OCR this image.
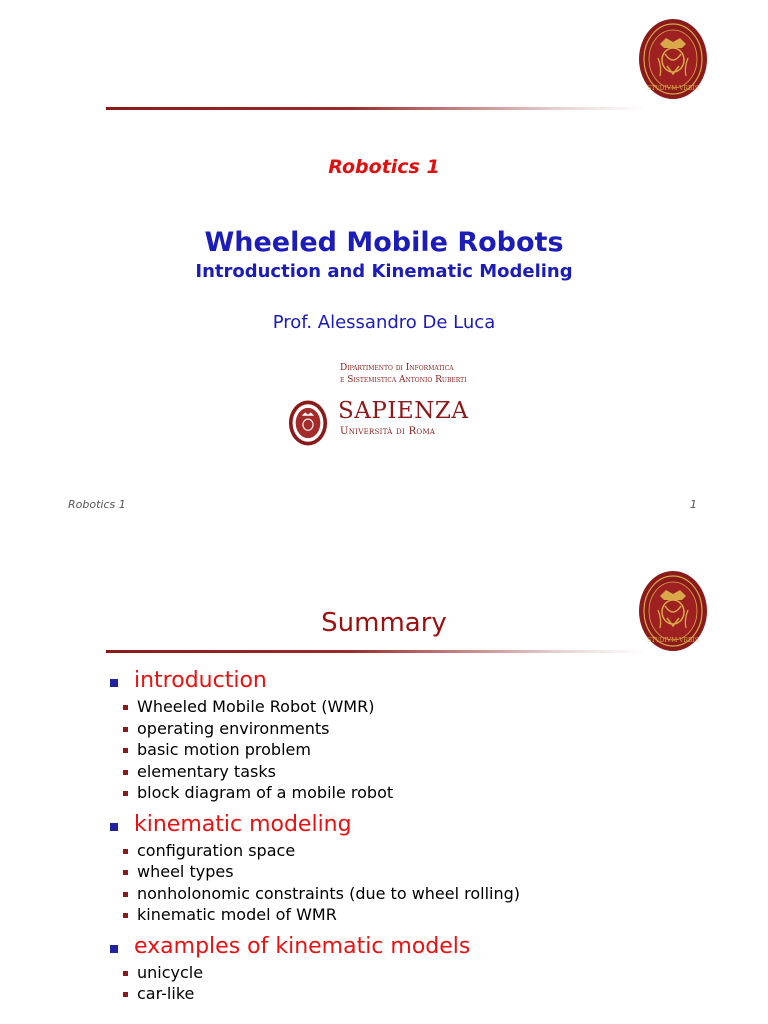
STVDIVM VRBIS
Robotics 1
Wheeled Mobile Robots
Introduction and Kinematic Modeling
Prof. Alessandro De Luca
Dipartimento di Informatica
e Sistemistica Antonio Ruberti
SAPIENZA
Università di Roma
Robotics 1	1
STVDIVM VRBIS
Summary
introduction
Wheeled Mobile Robot (WMR)
operating environments
basic motion problem
elementary tasks
block diagram of a mobile robot
kinematic modeling
configuration space
wheel types
nonholonomic constraints (due to wheel rolling)
kinematic model of WMR
examples of kinematic models
unicycle
car-like
